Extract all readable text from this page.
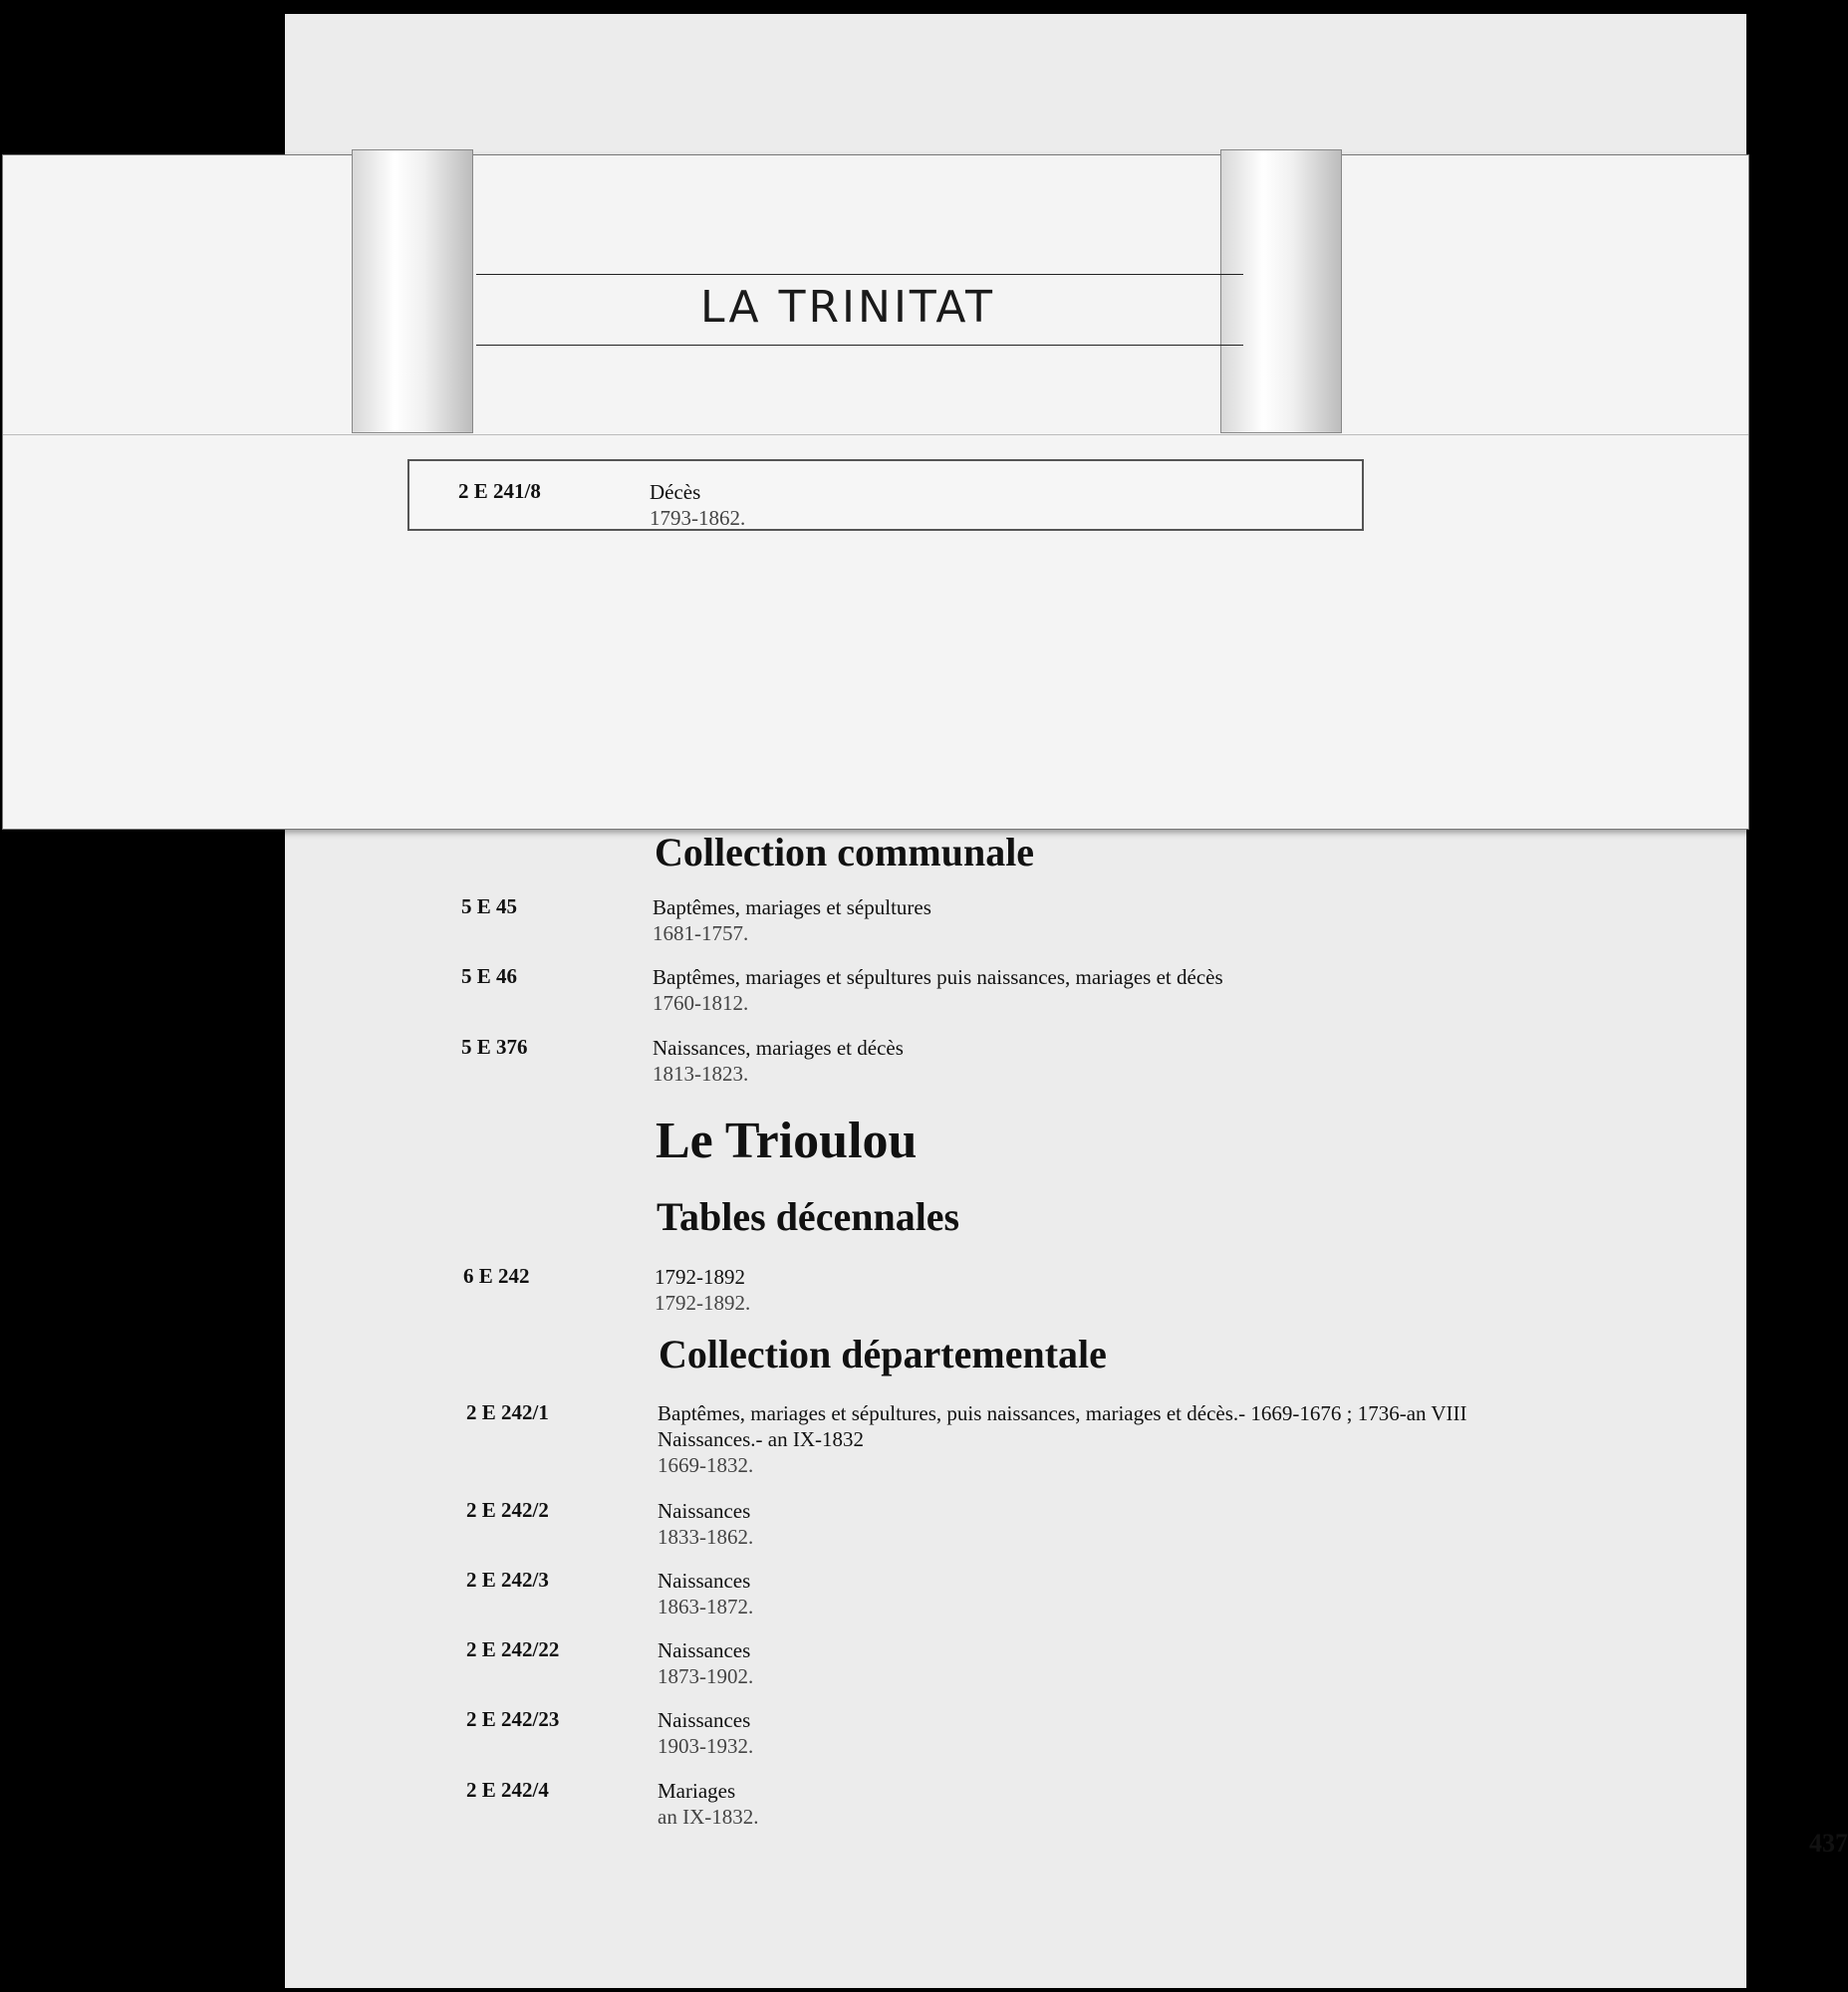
Collection communale
5 E 45	Baptêmes, mariages et sépultures
1681-1757.
5 E 46	Baptêmes, mariages et sépultures puis naissances, mariages et décès
1760-1812.
5 E 376	Naissances, mariages et décès
1813-1823.
Le Trioulou
Tables décennales
6 E 242	1792-1892
1792-1892.
Collection départementale
2 E 242/1	Baptêmes, mariages et sépultures, puis naissances, mariages et décès.- 1669-1676 ; 1736-an VIII
Naissances.- an IX-1832
1669-1832.
2 E 242/2	Naissances
1833-1862.
2 E 242/3	Naissances
1863-1872.
2 E 242/22	Naissances
1873-1902.
2 E 242/23	Naissances
1903-1932.
2 E 242/4	Mariages
an IX-1832.
437
LA TRINITAT
2 E 241/8	Décès
1793-1862.
